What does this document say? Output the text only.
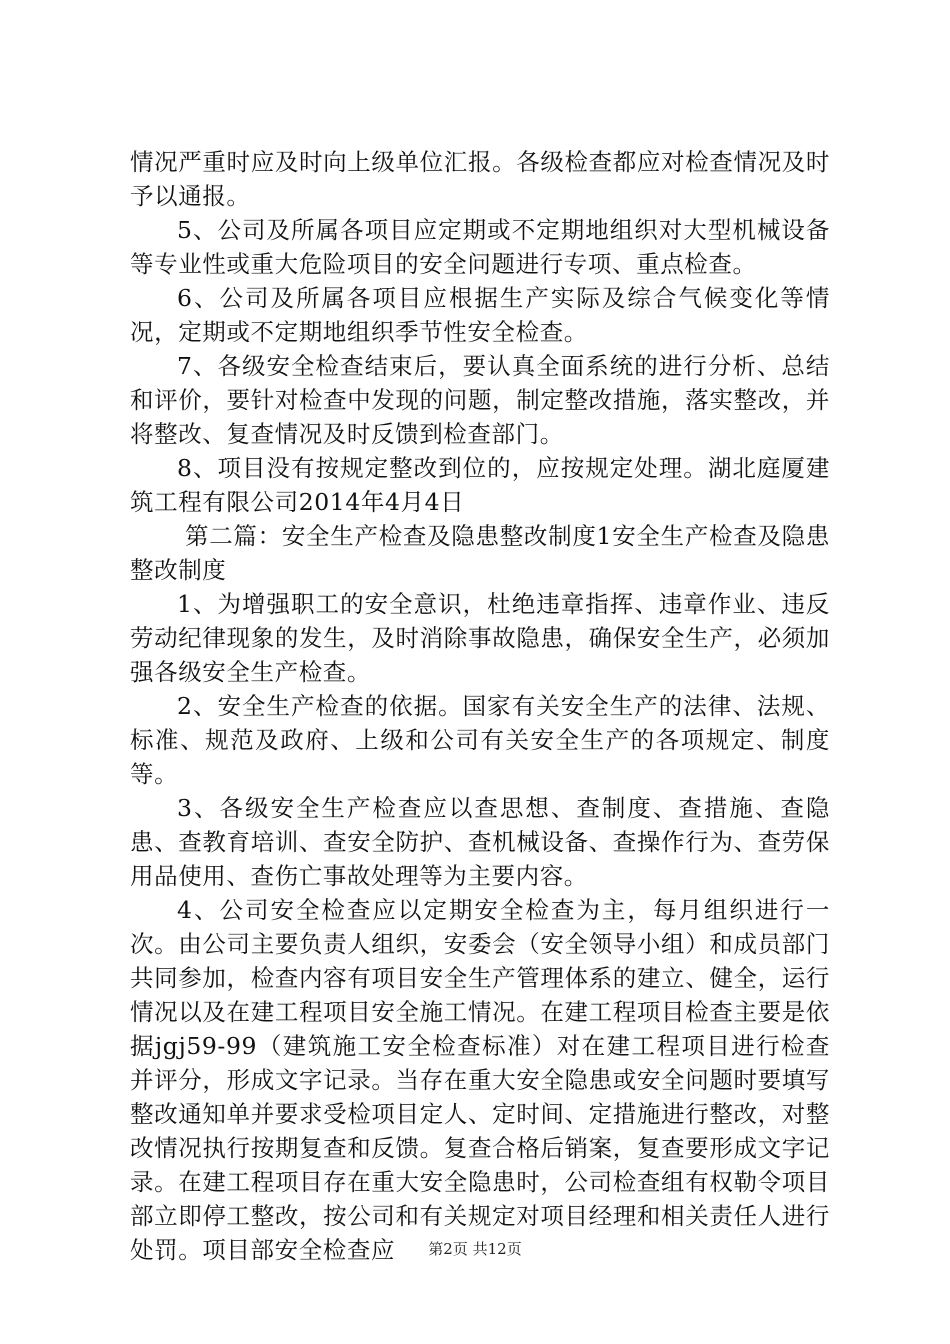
情况严重时应及时向上级单位汇报。各级检查都应对检查情况及时予以通报。

5、公司及所属各项目应定期或不定期地组织对大型机械设备等专业性或重大危险项目的安全问题进行专项、重点检查。

6、公司及所属各项目应根据生产实际及综合气候变化等情况，定期或不定期地组织季节性安全检查。

7、各级安全检查结束后，要认真全面系统的进行分析、总结和评价，要针对检查中发现的问题，制定整改措施，落实整改，并将整改、复查情况及时反馈到检查部门。

8、项目没有按规定整改到位的，应按规定处理。湖北庭厦建筑工程有限公司2014年4月4日

第二篇：安全生产检查及隐患整改制度1安全生产检查及隐患整改制度

1、为增强职工的安全意识，杜绝违章指挥、违章作业、违反劳动纪律现象的发生，及时消除事故隐患，确保安全生产，必须加强各级安全生产检查。

2、安全生产检查的依据。国家有关安全生产的法律、法规、标准、规范及政府、上级和公司有关安全生产的各项规定、制度等。

3、各级安全生产检查应以查思想、查制度、查措施、查隐患、查教育培训、查安全防护、查机械设备、查操作行为、查劳保用品使用、查伤亡事故处理等为主要内容。

4、公司安全检查应以定期安全检查为主，每月组织进行一次。由公司主要负责人组织，安委会（安全领导小组）和成员部门共同参加，检查内容有项目安全生产管理体系的建立、健全，运行情况以及在建工程项目安全施工情况。在建工程项目检查主要是依据jgj59-99（建筑施工安全检查标准）对在建工程项目进行检查并评分，形成文字记录。当存在重大安全隐患或安全问题时要填写整改通知单并要求受检项目定人、定时间、定措施进行整改，对整改情况执行按期复查和反馈。复查合格后销案，复查要形成文字记录。在建工程项目存在重大安全隐患时，公司检查组有权勒令项目部立即停工整改，按公司和有关规定对项目经理和相关责任人进行处罚。项目部安全检查应	第2页 共12页
